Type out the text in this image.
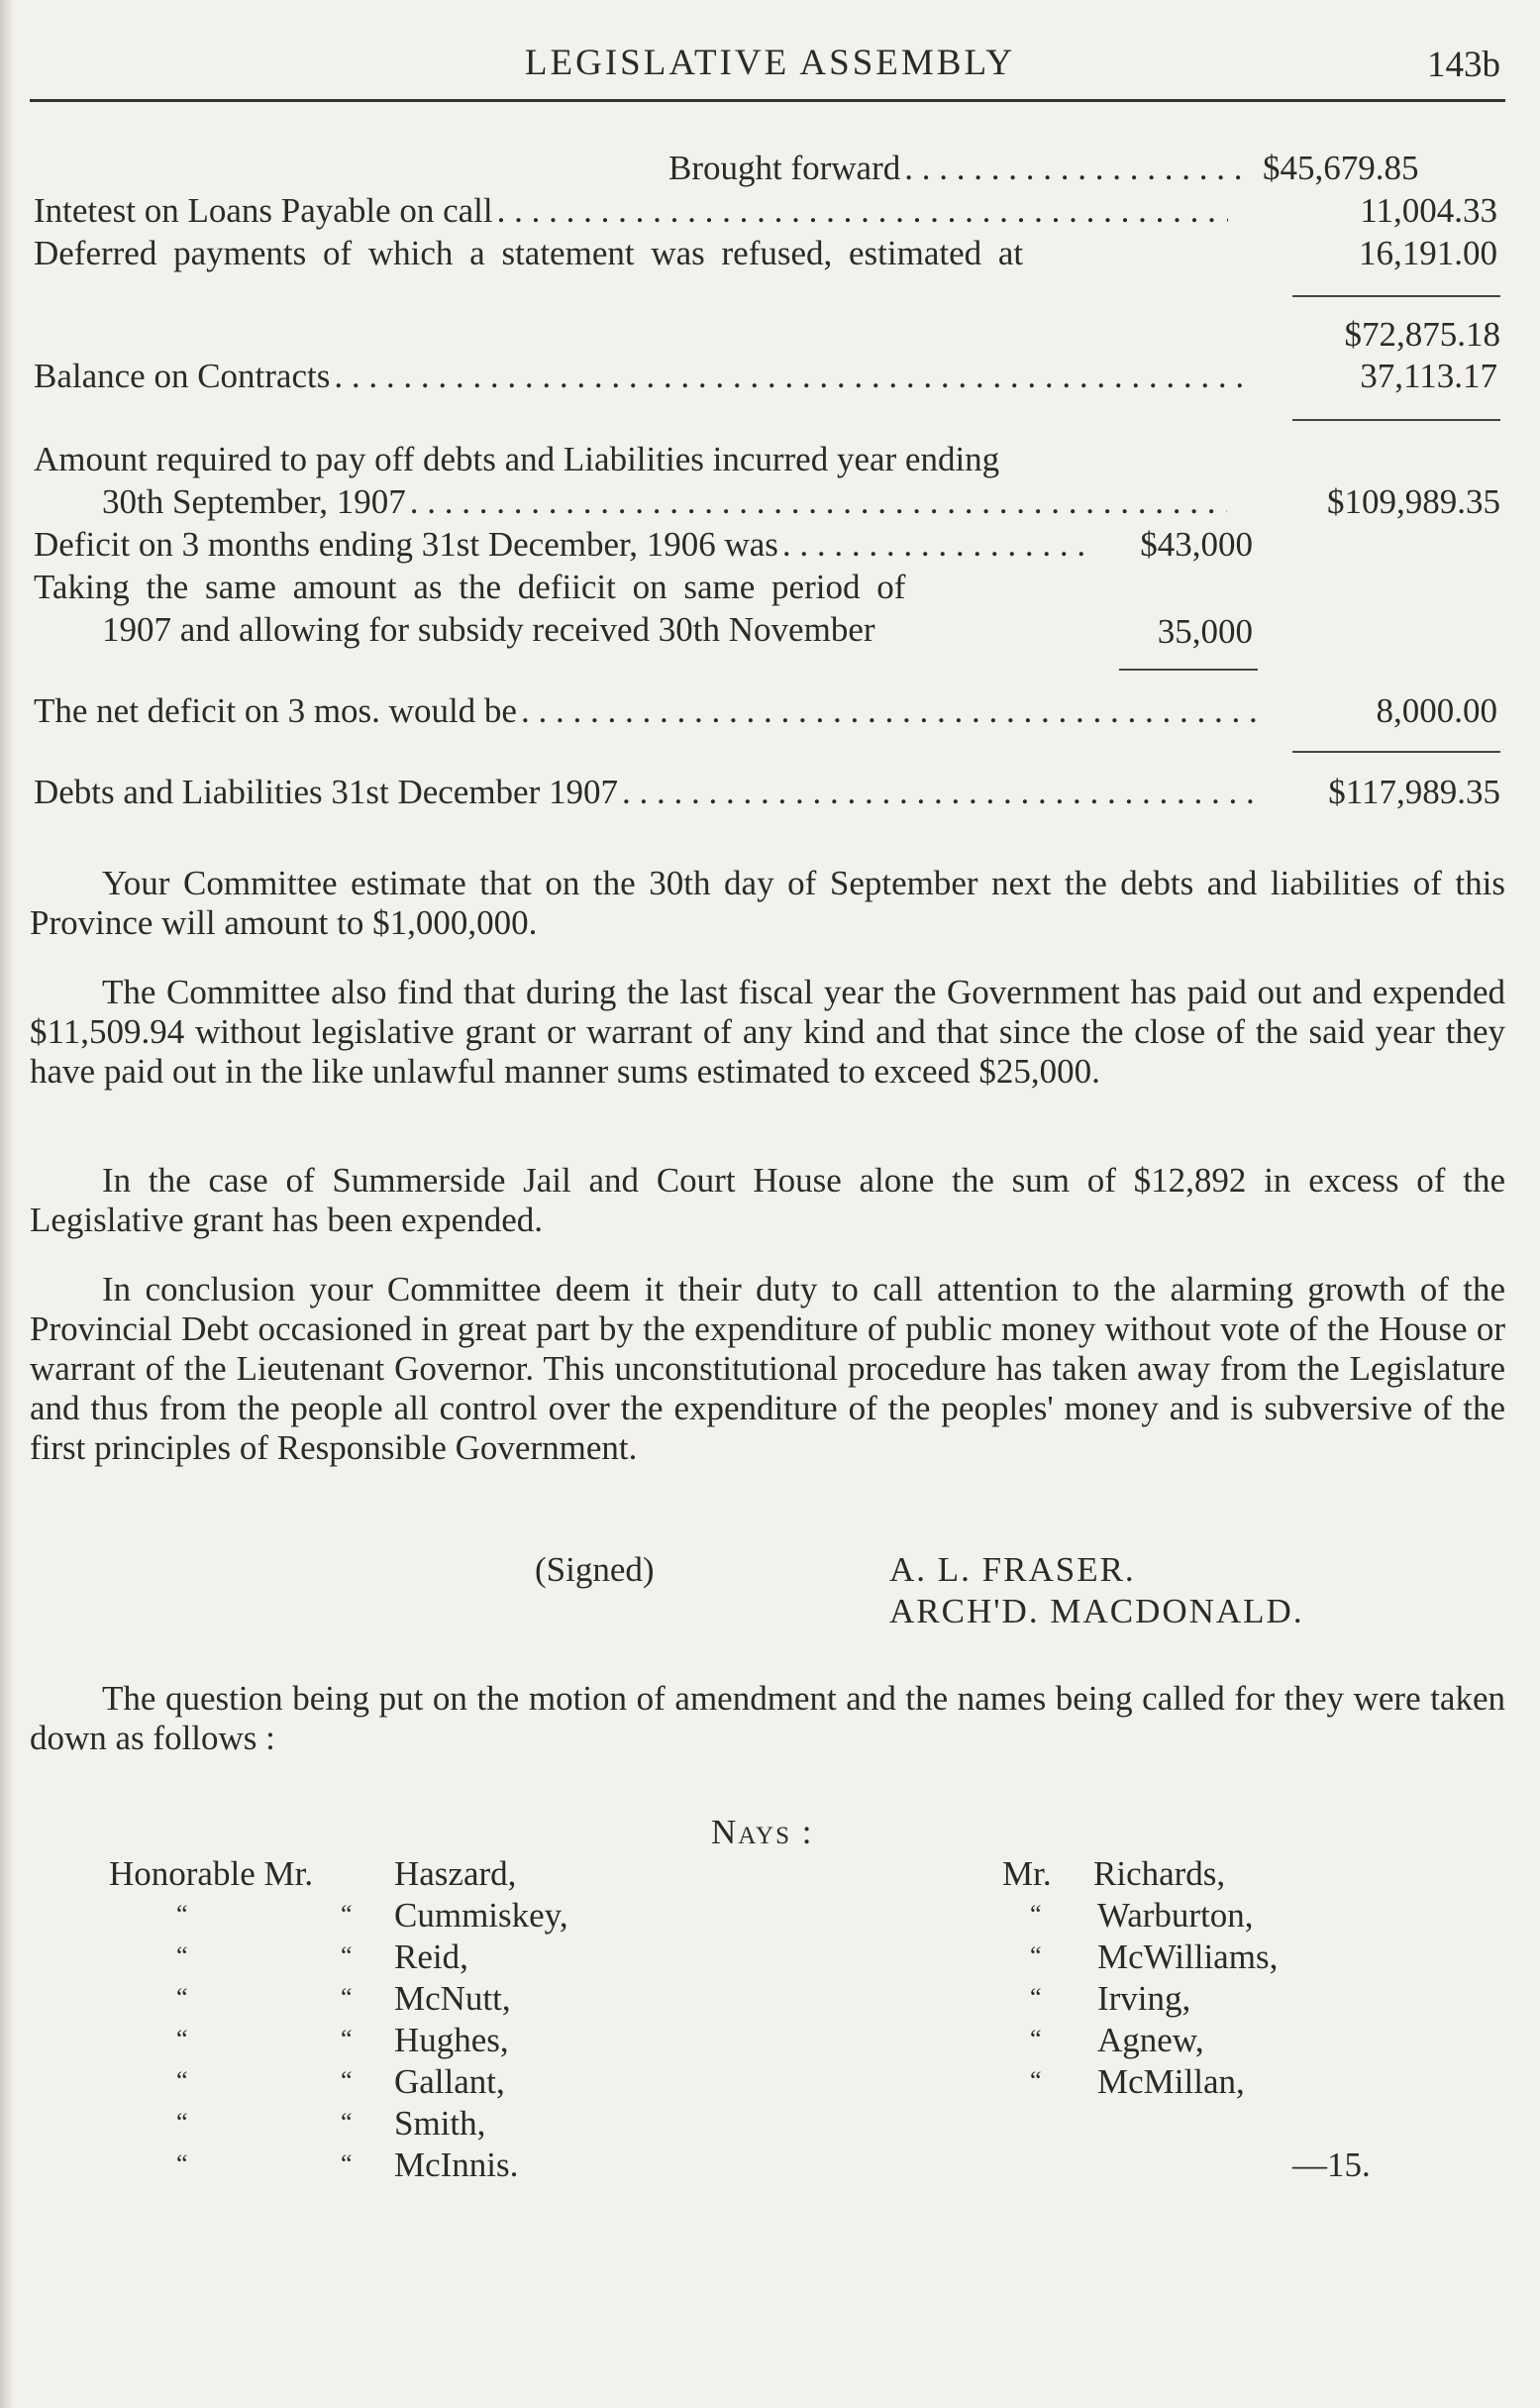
LEGISLATIVE ASSEMBLY	143b
Brought forward . . .	$45,679.85
Intetest on Loans Payable on call . . .	11,004.33
Deferred payments of which a statement was refused, estimated at	16,191.00
$72,875.18
Balance on Contracts . . .	37,113.17
Amount required to pay off debts and Liabilities incurred year ending
30th September, 1907 . . .	$109,989.35
Deficit on 3 months ending 31st December, 1906 was . . .	$43,000
Taking the same amount as the defiicit on same period of
1907 and allowing for subsidy received 30th November	35,000
The net deficit on 3 mos. would be . . .	8,000.00
Debts and Liabilities 31st December 1907 . . .	$117,989.35
Your Committee estimate that on the 30th day of September next the debts and liabilities of this Province will amount to $1,000,000.
The Committee also find that during the last fiscal year the Government has paid out and expended $11,509.94 without legislative grant or warrant of any kind and that since the close of the said year they have paid out in the like unlawful manner sums estimated to exceed $25,000.
In the case of Summerside Jail and Court House alone the sum of $12,892 in excess of the Legislative grant has been expended.
In conclusion your Committee deem it their duty to call attention to the alarming growth of the Provincial Debt occasioned in great part by the expenditure of public money without vote of the House or warrant of the Lieutenant Governor. This unconstitutional procedure has taken away from the Legislature and thus from the people all control over the expenditure of the peoples' money and is subversive of the first principles of Responsible Government.
(Signed)	A. L. FRASER.
ARCH'D. MACDONALD.
The question being put on the motion of amendment and the names being called for they were taken down as follows :
Nays :
Honorable Mr. Haszard,
“	“ Cummiskey,
“	“ Reid,
“	“ McNutt,
“	“ Hughes,
“	“ Gallant,
“	“ Smith,
“	“ McInnis.
Mr. Richards,
“ Warburton,
“ McWilliams,
“ Irving,
“ Agnew,
“ McMillan,
—15.
